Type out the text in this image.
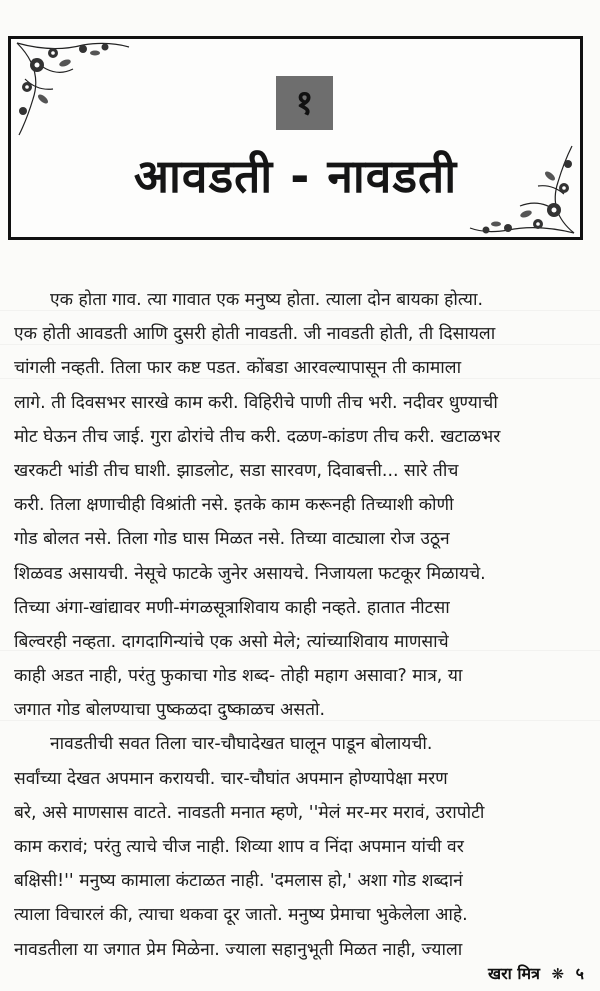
१
आवडती - नावडती
एक होता गाव. त्या गावात एक मनुष्य होता. त्याला दोन बायका होत्या.
एक होती आवडती आणि दुसरी होती नावडती. जी नावडती होती, ती दिसायला
चांगली नव्हती. तिला फार कष्ट पडत. कोंबडा आरवल्यापासून ती कामाला
लागे. ती दिवसभर सारखे काम करी. विहिरीचे पाणी तीच भरी. नदीवर धुण्याची
मोट घेऊन तीच जाई. गुरा ढोरांचे तीच करी. दळण-कांडण तीच करी. खटाळभर
खरकटी भांडी तीच घाशी. झाडलोट, सडा सारवण, दिवाबत्ती... सारे तीच
करी. तिला क्षणाचीही विश्रांती नसे. इतके काम करूनही तिच्याशी कोणी
गोड बोलत नसे. तिला गोड घास मिळत नसे. तिच्या वाट्याला रोज उठून
शिळवड असायची. नेसूचे फाटके जुनेर असायचे. निजायला फटकूर मिळायचे.
तिच्या अंगा-खांद्यावर मणी-मंगळसूत्राशिवाय काही नव्हते. हातात नीटसा
बिल्वरही नव्हता. दागदागिन्यांचे एक असो मेले; त्यांच्याशिवाय माणसाचे
काही अडत नाही, परंतु फुकाचा गोड शब्द- तोही महाग असावा? मात्र, या
जगात गोड बोलण्याचा पुष्कळदा दुष्काळच असतो.
नावडतीची सवत तिला चार-चौघादेखत घालून पाडून बोलायची.
सर्वांच्या देखत अपमान करायची. चार-चौघांत अपमान होण्यापेक्षा मरण
बरे, असे माणसास वाटते. नावडती मनात म्हणे, ''मेलं मर-मर मरावं, उरापोटी
काम करावं; परंतु त्याचे चीज नाही. शिव्या शाप व निंदा अपमान यांची वर
बक्षिसी!'' मनुष्य कामाला कंटाळत नाही. 'दमलास हो,' अशा गोड शब्दानं
त्याला विचारलं की, त्याचा थकवा दूर जातो. मनुष्य प्रेमाचा भुकेलेला आहे.
नावडतीला या जगात प्रेम मिळेना. ज्याला सहानुभूती मिळत नाही, ज्याला
खरा मित्र ❋ ५
